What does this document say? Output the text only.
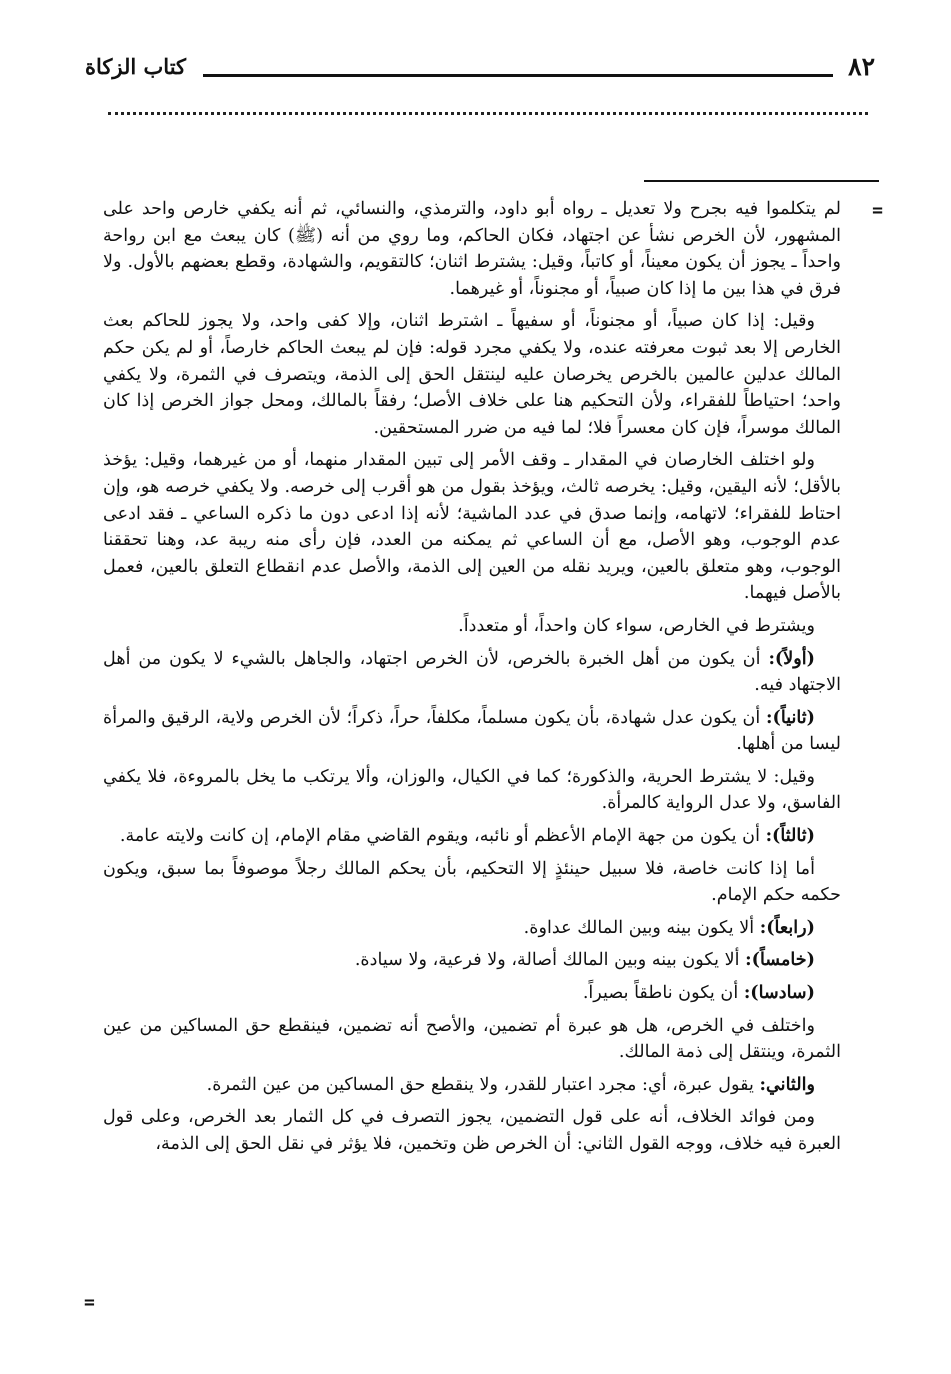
٨٢
كتاب الزكاة
=
=

لم يتكلموا فيه بجرح ولا تعديل ـ رواه أبو داود، والترمذي، والنسائي، ثم أنه يكفي خارص واحد على المشهور، لأن الخرص نشأ عن اجتهاد، فكان الحاكم، وما روي من أنه (ﷺ) كان يبعث مع ابن رواحة واحداً ـ يجوز أن يكون معيناً، أو كاتباً، وقيل: يشترط اثنان؛ كالتقويم، والشهادة، وقطع بعضهم بالأول. ولا فرق في هذا بين ما إذا كان صبياً، أو مجنوناً، أو غيرهما.

وقيل: إذا كان صبياً، أو مجنوناً، أو سفيهاً ـ اشترط اثنان، وإلا كفى واحد، ولا يجوز للحاكم بعث الخارص إلا بعد ثبوت معرفته عنده، ولا يكفي مجرد قوله: فإن لم يبعث الحاكم خارصاً، أو لم يكن حكم المالك عدلين عالمين بالخرص يخرصان عليه لينتقل الحق إلى الذمة، ويتصرف في الثمرة، ولا يكفي واحد؛ احتياطاً للفقراء، ولأن التحكيم هنا على خلاف الأصل؛ رفقاً بالمالك، ومحل جواز الخرص إذا كان المالك موسراً، فإن كان معسراً فلا؛ لما فيه من ضرر المستحقين.

ولو اختلف الخارصان في المقدار ـ وقف الأمر إلى تبين المقدار منهما، أو من غيرهما، وقيل: يؤخذ بالأقل؛ لأنه اليقين، وقيل: يخرصه ثالث، ويؤخذ بقول من هو أقرب إلى خرصه. ولا يكفي خرصه هو، وإن احتاط للفقراء؛ لاتهامه، وإنما صدق في عدد الماشية؛ لأنه إذا ادعى دون ما ذكره الساعي ـ فقد ادعى عدم الوجوب، وهو الأصل، مع أن الساعي ثم يمكنه من العدد، فإن رأى منه ريبة عد، وهنا تحققنا الوجوب، وهو متعلق بالعين، ويريد نقله من العين إلى الذمة، والأصل عدم انقطاع التعلق بالعين، فعمل بالأصل فيهما.

ويشترط في الخارص، سواء كان واحداً، أو متعدداً.

(أولاً): أن يكون من أهل الخبرة بالخرص، لأن الخرص اجتهاد، والجاهل بالشيء لا يكون من أهل الاجتهاد فيه.

(ثانياً): أن يكون عدل شهادة، بأن يكون مسلماً، مكلفاً، حراً، ذكراً؛ لأن الخرص ولاية، الرقيق والمرأة ليسا من أهلها.

وقيل: لا يشترط الحرية، والذكورة؛ كما في الكيال، والوزان، وألا يرتكب ما يخل بالمروءة، فلا يكفي الفاسق، ولا عدل الرواية كالمرأة.

(ثالثاً): أن يكون من جهة الإمام الأعظم أو نائبه، ويقوم القاضي مقام الإمام، إن كانت ولايته عامة.

أما إذا كانت خاصة، فلا سبيل حينئذٍ إلا التحكيم، بأن يحكم المالك رجلاً موصوفاً بما سبق، ويكون حكمه حكم الإمام.

(رابعاً): ألا يكون بينه وبين المالك عداوة.

(خامساً): ألا يكون بينه وبين المالك أصالة، ولا فرعية، ولا سيادة.

(سادسا): أن يكون ناطقاً بصيراً.

واختلف في الخرص، هل هو عبرة أم تضمين، والأصح أنه تضمين، فينقطع حق المساكين من عين الثمرة، وينتقل إلى ذمة المالك.

والثاني: يقول عبرة، أي: مجرد اعتبار للقدر، ولا ينقطع حق المساكين من عين الثمرة.

ومن فوائد الخلاف، أنه على قول التضمين، يجوز التصرف في كل الثمار بعد الخرص، وعلى قول العبرة فيه خلاف، ووجه القول الثاني: أن الخرص ظن وتخمين، فلا يؤثر في نقل الحق إلى الذمة،
